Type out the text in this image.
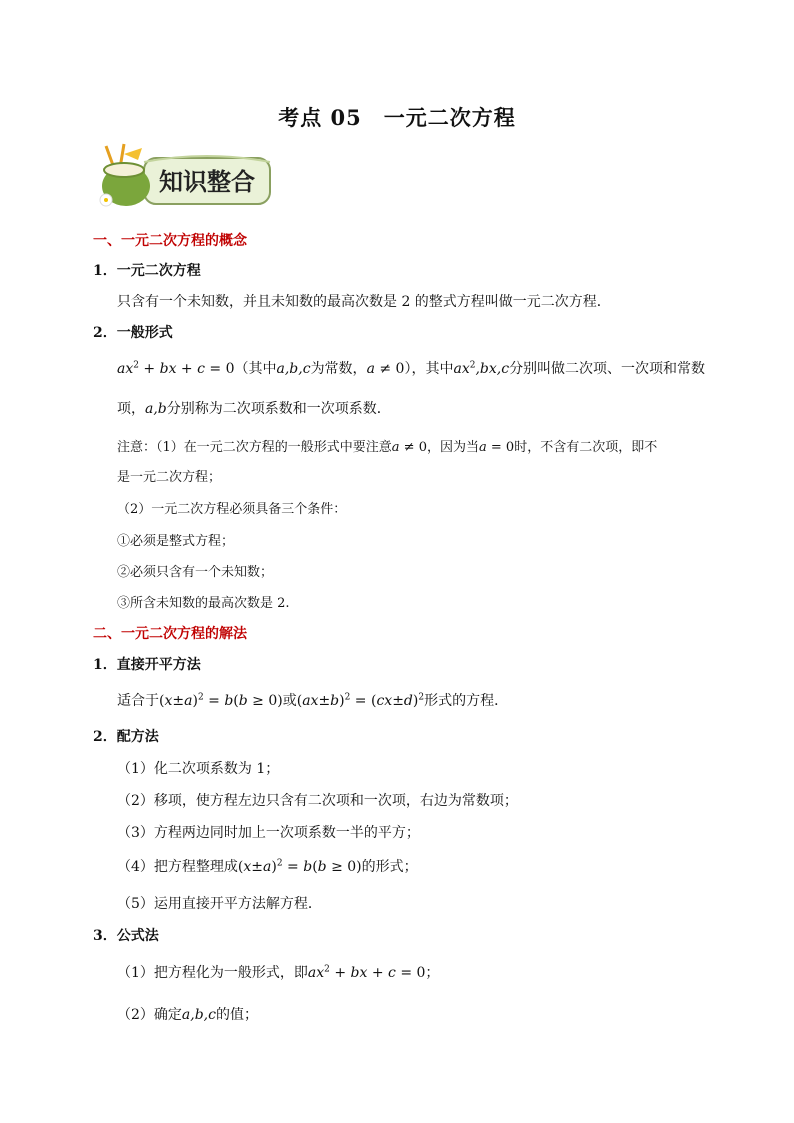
考点 05 一元二次方程
知识整合
一、一元二次方程的概念
1．一元二次方程
只含有一个未知数，并且未知数的最高次数是 2 的整式方程叫做一元二次方程．
2．一般形式
$ax^2$ + bx + c = 0（其中a,b,c为常数，a ≠ 0），其中$ax^2,bx,c$分别叫做二次项、一次项和常数
项，a,b分别称为二次项系数和一次项系数．
注意：（1）在一元二次方程的一般形式中要注意a ≠ 0，因为当a = 0时，不含有二次项，即不
是一元二次方程；
（2）一元二次方程必须具备三个条件：
①必须是整式方程；
②必须只含有一个未知数；
③所含未知数的最高次数是 2.
二、一元二次方程的解法
1．直接开平方法
适合于$(x\pm a)^2 = b(b \ge 0)$或$(ax\pm b)^2 = (cx\pm d)^2$形式的方程．
2．配方法
（1）化二次项系数为 1；
（2）移项，使方程左边只含有二次项和一次项，右边为常数项；
（3）方程两边同时加上一次项系数一半的平方；
（4）把方程整理成$(x\pm a)^2 = b(b \ge 0)$的形式；
（5）运用直接开平方法解方程．
3．公式法
（1）把方程化为一般形式，即$ax^2$ + bx + c = 0；
（2）确定a,b,c的值；
